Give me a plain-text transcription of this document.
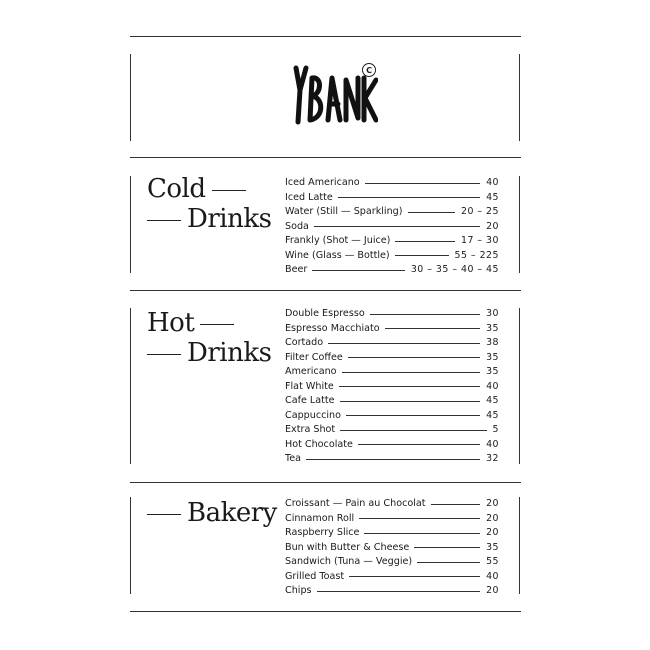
C
Cold
Drinks
Iced Americano	40
Iced Latte	45
Water (Still — Sparkling)	20 – 25
Soda	20
Frankly (Shot — Juice)	17 – 30
Wine (Glass — Bottle)	55 – 225
Beer	30 – 35 – 40 – 45
Hot
Drinks
Double Espresso	30
Espresso Macchiato	35
Cortado	38
Filter Coffee	35
Americano	35
Flat White	40
Cafe Latte	45
Cappuccino	45
Extra Shot	5
Hot Chocolate	40
Tea	32
Bakery Croissant — Pain au Chocolat	20
Cinnamon Roll	20
Raspberry Slice	20
Bun with Butter & Cheese	35
Sandwich (Tuna — Veggie)	55
Grilled Toast	40
Chips	20
